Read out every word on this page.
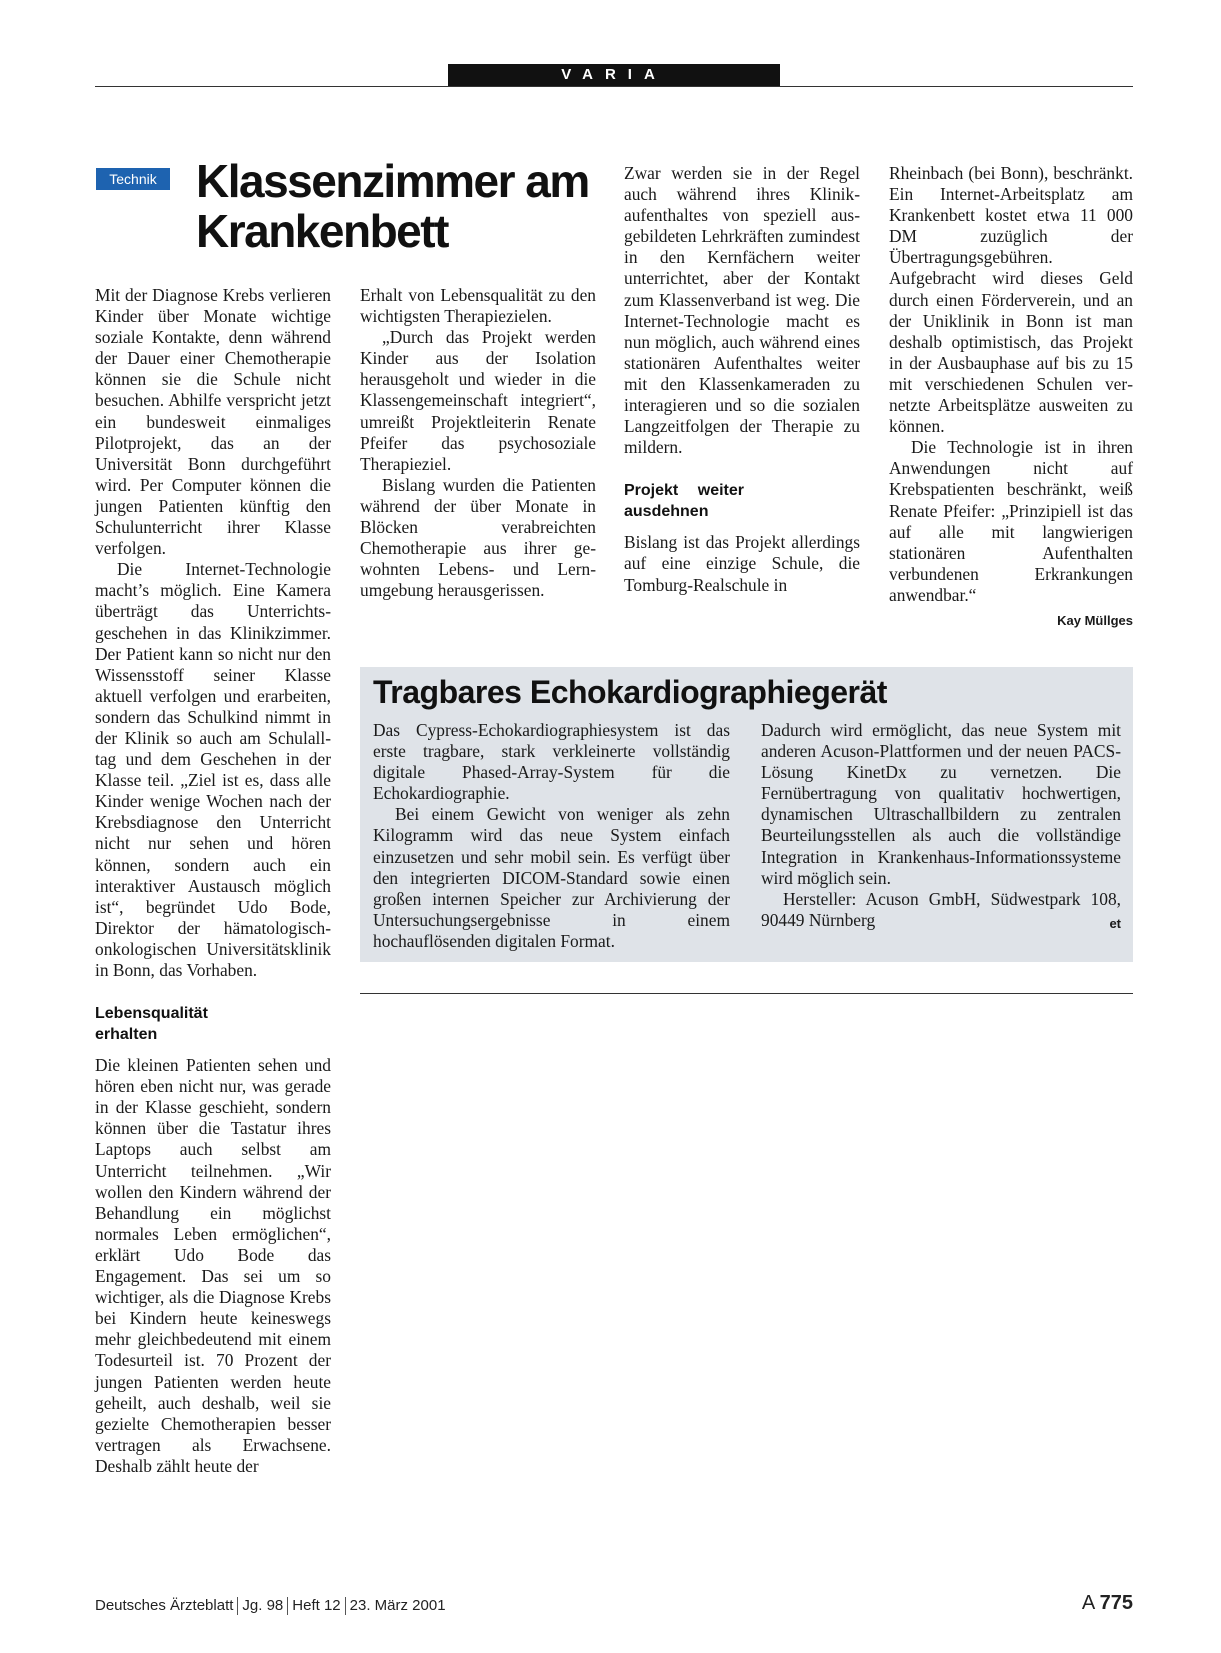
VARIA
Technik Klassenzimmer am Krankenbett

Mit der Diagnose Krebs verlieren Kinder über Monate wichtige soziale Kontakte, denn während der Dauer einer Chemotherapie können sie die Schule nicht besuchen. Abhilfe verspricht jetzt ein bundesweit einmaliges Pilotprojekt, das an der Universität Bonn durchgeführt wird. Per Computer können die jungen Patienten künftig den Schulunterricht ihrer Klasse verfolgen.

Die Internet-Technologie macht’s möglich. Eine Kamera überträgt das Unterrichtsgeschehen in das Klinikzimmer. Der Patient kann so nicht nur den Wissensstoff seiner Klasse aktuell verfolgen und erarbeiten, sondern das Schulkind nimmt in der Klinik so auch am Schulalltag und dem Geschehen in der Klasse teil. „Ziel ist es, dass alle Kinder wenige Wochen nach der Krebsdiagnose den Unterricht nicht nur sehen und hören können, sondern auch ein interaktiver Austausch möglich ist“, begründet Udo Bode, Direktor der hämatologisch-onkologischen Universitätsklinik in Bonn, das Vorhaben.

Lebensqualität erhalten

Die kleinen Patienten sehen und hören eben nicht nur, was gerade in der Klasse geschieht, sondern können über die Tastatur ihres Laptops auch selbst am Unterricht teilnehmen. „Wir wollen den Kindern während der Behandlung ein möglichst normales Leben ermöglichen“, erklärt Udo Bode das Engagement. Das sei um so wichtiger, als die Diagnose Krebs bei Kindern heute keineswegs mehr gleichbedeutend mit einem Todesurteil ist. 70 Prozent der jungen Patienten werden heute geheilt, auch deshalb, weil sie gezielte Chemotherapien besser vertragen als Erwachsene. Deshalb zählt heute der

Erhalt von Lebensqualität zu den wichtigsten Therapiezielen.

„Durch das Projekt werden Kinder aus der Isolation herausgeholt und wieder in die Klassengemeinschaft integriert“, umreißt Projektleiterin Renate Pfeifer das psychosoziale Therapieziel.

Bislang wurden die Patienten während der über Monate in Blöcken verabreichten Chemotherapie aus ihrer gewohnten Lebens- und Lernumgebung herausgerissen.

Zwar werden sie in der Regel auch während ihres Klinikaufenthaltes von speziell ausgebildeten Lehrkräften zumindest in den Kernfächern weiter unterrichtet, aber der Kontakt zum Klassenverband ist weg. Die Internet-Technologie macht es nun möglich, auch während eines stationären Aufenthaltes weiter mit den Klassenkameraden zu interagieren und so die sozialen Langzeitfolgen der Therapie zu mildern.

Projekt weiter ausdehnen

Bislang ist das Projekt allerdings auf eine einzige Schule, die Tomburg-Realschule in

Rheinbach (bei Bonn), beschränkt. Ein Internet-Arbeitsplatz am Krankenbett kostet etwa 11 000 DM zuzüglich der Übertragungsgebühren. Aufgebracht wird dieses Geld durch einen Förderverein, und an der Uniklinik in Bonn ist man deshalb optimistisch, das Projekt in der Ausbauphase auf bis zu 15 mit verschiedenen Schulen vernetzte Arbeitsplätze ausweiten zu können.

Die Technologie ist in ihren Anwendungen nicht auf Krebspatienten beschränkt, weiß Renate Pfeifer: „Prinzipiell ist das auf alle mit langwierigen stationären Aufenthalten verbundenen Erkrankungen anwendbar.“

Kay Müllges
Tragbares Echokardiographiegerät

Das Cypress-Echokardiographiesystem ist das erste tragbare, stark verkleinerte vollständig digitale Phased-Array-System für die Echokardiographie.

Bei einem Gewicht von weniger als zehn Kilogramm wird das neue System einfach einzusetzen und sehr mobil sein. Es verfügt über den integrierten DICOM-Standard sowie einen großen internen Speicher zur Archivierung der Untersuchungsergebnisse in einem hochauflösenden digitalen Format.

Dadurch wird ermöglicht, das neue System mit anderen Acuson-Plattformen und der neuen PACS-Lösung KinetDx zu vernetzen. Die Fernübertragung von qualitativ hochwertigen, dynamischen Ultraschallbildern zu zentralen Beurteilungsstellen als auch die vollständige Integration in Krankenhaus-Informationssysteme wird möglich sein.

Hersteller: Acuson GmbH, Südwestpark 108, 90449 Nürnberg	et
Deutsches Ärzteblatt Jg. 98 Heft 12 23. März 2001	A 775
